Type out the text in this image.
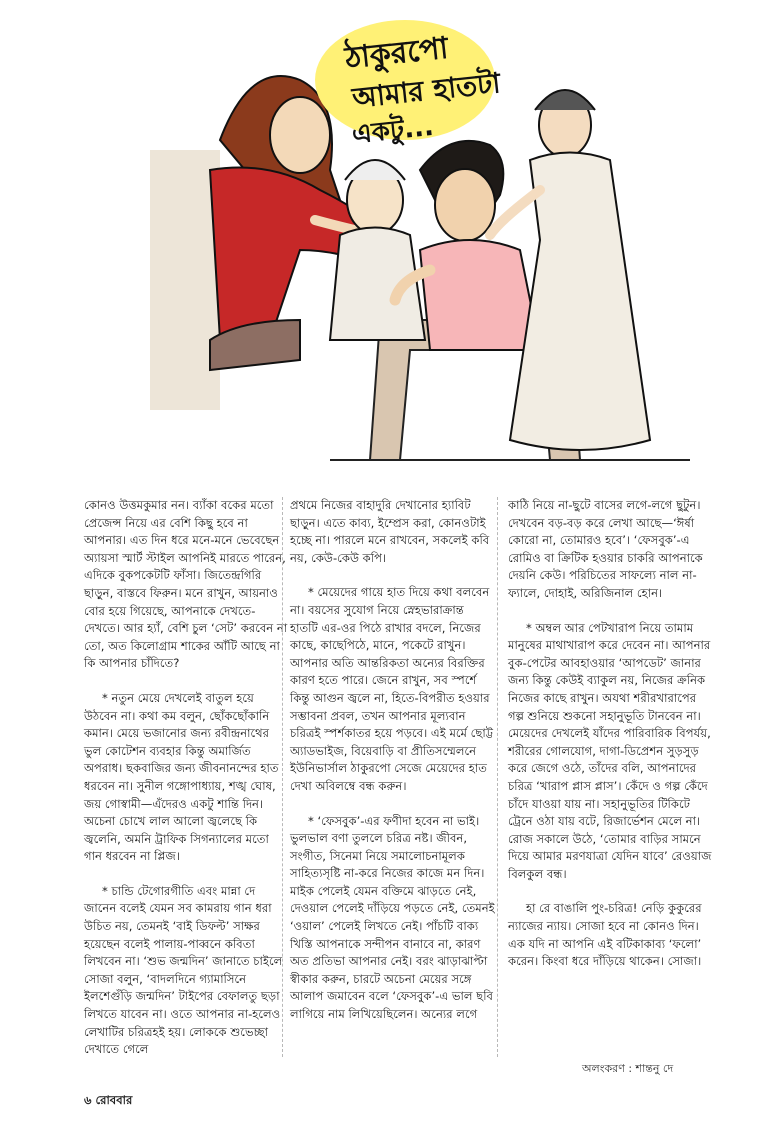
ঠাকুরপো
আমার হাতটা
একটু...

কোনও উত্তমকুমার নন। ব্যাঁকা বকের মতো প্রেজেন্স নিয়ে এর বেশি কিছু হবে না আপনার। এত দিন ধরে মনে-মনে ভেবেছেন অ্যায়সা স্মার্ট স্টাইল আপনিই মারতে পারেন, এদিকে বুকপকেটটি ফাঁসা। জিতেন্দ্রগিরি ছাড়ুন, বাস্তবে ফিরুন। মনে রাখুন, আয়নাও বোর হয়ে গিয়েছে, আপনাকে দেখতে-দেখতে। আর হ্যাঁ, বেশি চুল ‘সেট’ করবেন না তো, অত কিলোগ্রাম শাকের আঁটি আছে না কি আপনার চাঁদিতে?

* নতুন মেয়ে দেখলেই বাতুল হয়ে উঠবেন না। কথা কম বলুন, ছোঁকছোঁকানি কমান। মেয়ে ভজানোর জন্য রবীন্দ্রনাথের ভুল কোটেশন ব্যবহার কিন্তু অমার্জিত অপরাধ। ছকবাজির জন্য জীবনানন্দের হাত ধরবেন না। সুনীল গঙ্গোপাধ্যায়, শঙ্খ ঘোষ, জয় গোস্বামী—এঁদেরও একটু শান্তি দিন। অচেনা চোখে লাল আলো জ্বলেছে কি জ্বলেনি, অমনি ট্রাফিক সিগন্যালের মতো গান ধরবেন না প্লিজ।

* চান্ডি টেগোরগীতি এবং মান্না দে জানেন বলেই যেমন সব কামরায় গান ধরা উচিত নয়, তেমনই ‘বাই ডিফল্ট’ সাক্ষর হয়েছেন বলেই পালায়-পাব্বনে কবিতা লিখবেন না। ‘শুভ জন্মদিন’ জানাতে চাইলে সোজা বলুন, ‘বাদলদিনে গ্যামাসিনে ইলশেগুঁড়ি জন্মদিন’ টাইপের বেফালতু ছড়া লিখতে যাবেন না। ওতে আপনার না-হলেও লেখাটির চরিত্রহই হয়। লোককে শুভেচ্ছা দেখাতে গেলে

প্রথমে নিজের বাহাদুরি দেখানোর হ্যাবিট ছাড়ুন। এতে কাব্য, ইম্প্রেস করা, কোনওটাই হচ্ছে না। পারলে মনে রাখবেন, সকলেই কবি নয়, কেউ-কেউ কপি।

* মেয়েদের গায়ে হাত দিয়ে কথা বলবেন না। বয়সের সুযোগ নিয়ে স্নেহভারাক্রান্ত হাতটি এর-ওর পিঠে রাখার বদলে, নিজের কাছে, কাছেপিঠে, মানে, পকেটে রাখুন। আপনার অতি আন্তরিকতা অন্যের বিরক্তির কারণ হতে পারে। জেনে রাখুন, সব স্পর্শে কিন্তু আগুন জ্বলে না, হিতে-বিপরীত হওয়ার সম্ভাবনা প্রবল, তখন আপনার মূল্যবান চরিত্রই স্পর্শকাতর হয়ে পড়বে। এই মর্মে ছোট্ট অ্যাডভাইজ, বিয়েবাড়ি বা প্রীতিসম্মেলনে ইউনিভার্সাল ঠাকুরপো সেজে মেয়েদের হাত দেখা অবিলম্বে বন্ধ করুন।

* ‘ফেসবুক’-এর ফণীদা হবেন না ভাই। ভুলভাল বণা তুললে চরিত্র নষ্ট। জীবন, সংগীত, সিনেমা নিয়ে সমালোচনামূলক সাহিত্যসৃষ্টি না-করে নিজের কাজে মন দিন। মাইক পেলেই যেমন বক্তিমে ঝাড়তে নেই, দেওয়াল পেলেই দাঁড়িয়ে পড়তে নেই, তেমনই ‘ওয়াল’ পেলেই লিখতে নেই। পাঁচটি বাক্য খিস্তি আপনাকে সন্দীপন বানাবে না, কারণ অত প্রতিভা আপনার নেই। বরং ঝাড়াঝাপ্টা স্বীকার করুন, চারটে অচেনা মেয়ের সঙ্গে আলাপ জমাবেন বলে ‘ফেসবুক’-এ ভাল ছবি লাগিয়ে নাম লিখিয়েছিলেন। অন্যের লগে

কাঠি নিয়ে না-ছুটে বাসের লগে-লগে ছুটুন। দেখবেন বড়-বড় করে লেখা আছে—‘ঈর্ষা কোরো না, তোমারও হবে’। ‘ফেসবুক’-এ রোমিও বা ক্রিটিক হওয়ার চাকরি আপনাকে দেয়নি কেউ। পরিচিতের সাফল্যে নাল না-ফ্যালে, দোহাই, অরিজিনাল হোন।

* অম্বল আর পেটখারাপ নিয়ে তামাম মানুষের মাথাখারাপ করে দেবেন না। আপনার বুক-পেটের আবহাওয়ার ‘আপডেট’ জানার জন্য কিন্তু কেউই ব্যাকুল নয়, নিজের ক্রনিক নিজের কাছে রাখুন। অযথা শরীরখারাপের গল্প শুনিয়ে শুকনো সহানুভূতি টানবেন না। মেয়েদের দেখলেই যাঁদের পারিবারিক বিপর্যয়, শরীরের গোলযোগ, দাগা-ডিপ্রেশন সুড়সুড় করে জেগে ওঠে, তাঁদের বলি, আপনাদের চরিত্র ‘খারাপ প্লাস প্লাস’। কেঁদে ও গল্প কেঁদে চাঁদে যাওয়া যায় না। সহানুভূতির টিকিটে ট্রেনে ওঠা যায় বটে, রিজার্ভেশন মেলে না। রোজ সকালে উঠে, ‘তোমার বাড়ির সামনে দিয়ে আমার মরণযাত্রা যেদিন যাবে’ রেওয়াজ বিলকুল বন্ধ।

হা রে বাঙালি পুং-চরিত্র! নেড়ি কুকুরের ন্যাজের ন্যায়। সোজা হবে না কোনও দিন। এক যদি না আপনি এই বটিকাকাব্য ‘ফলো’ করেন। কিংবা ধরে দাঁড়িয়ে থাকেন। সোজা।

অলংকরণ : শান্তনু দে
৬ রোববার
